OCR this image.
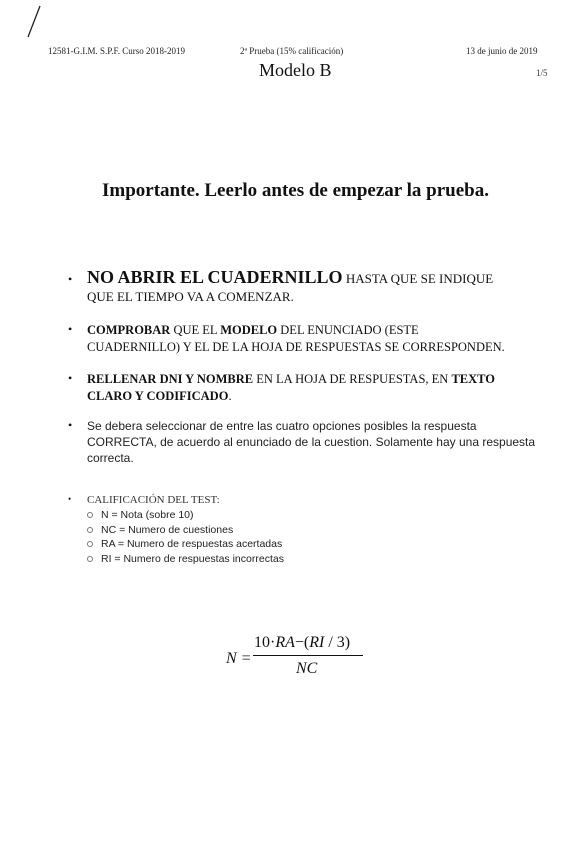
12581-G.I.M. S.P.F. Curso 2018-2019	2ª Prueba (15% calificación)	13 de junio de 2019
Modelo B	1/5
Importante. Leerlo antes de empezar la prueba.
• NO ABRIR EL CUADERNILLO HASTA QUE SE INDIQUE
QUE EL TIEMPO VA A COMENZAR.
• COMPROBAR QUE EL MODELO DEL ENUNCIADO (ESTE
CUADERNILLO) Y EL DE LA HOJA DE RESPUESTAS SE CORRESPONDEN.
• RELLENAR DNI Y NOMBRE EN LA HOJA DE RESPUESTAS, EN TEXTO
CLARO Y CODIFICADO.
• Se debera seleccionar de entre las cuatro opciones posibles la respuesta
CORRECTA, de acuerdo al enunciado de la cuestion. Solamente hay una respuesta
correcta.
• CALIFICACIÓN DEL TEST:
N = Nota (sobre 10)
NC = Numero de cuestiones
RA = Numero de respuestas acertadas
RI = Numero de respuestas incorrectas
N =
10·RA−(RI / 3)
NC
